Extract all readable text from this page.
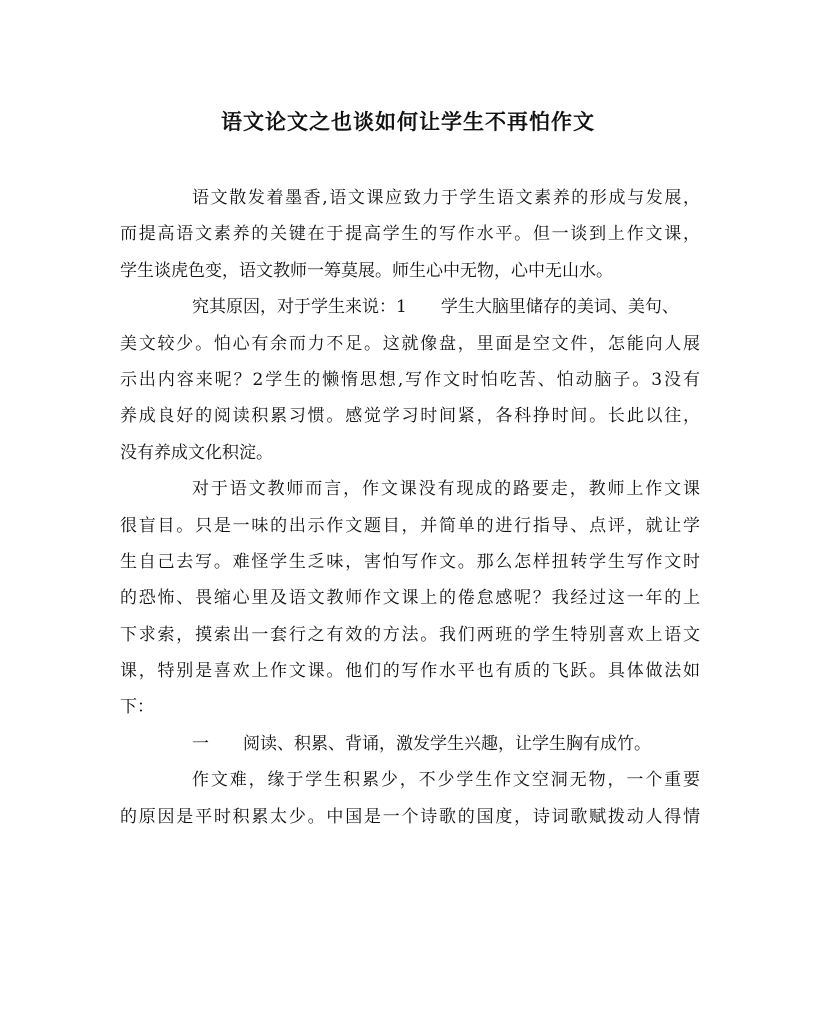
语文论文之也谈如何让学生不再怕作文
语文散发着墨香,语文课应致力于学生语文素养的形成与发展，
而提高语文素养的关键在于提高学生的写作水平。但一谈到上作文课，
学生谈虎色变，语文教师一筹莫展。师生心中无物，心中无山水。
究其原因，对于学生来说：1 学生大脑里储存的美词、美句、
美文较少。怕心有余而力不足。这就像盘，里面是空文件，怎能向人展
示出内容来呢？2学生的懒惰思想,写作文时怕吃苦、怕动脑子。3没有
养成良好的阅读积累习惯。感觉学习时间紧，各科挣时间。长此以往，
没有养成文化积淀。
对于语文教师而言，作文课没有现成的路要走，教师上作文课
很盲目。只是一味的出示作文题目，并简单的进行指导、点评，就让学
生自己去写。难怪学生乏味，害怕写作文。那么怎样扭转学生写作文时
的恐怖、畏缩心里及语文教师作文课上的倦怠感呢？我经过这一年的上
下求索，摸索出一套行之有效的方法。我们两班的学生特别喜欢上语文
课，特别是喜欢上作文课。他们的写作水平也有质的飞跃。具体做法如
下：
一 阅读、积累、背诵，激发学生兴趣，让学生胸有成竹。
作文难，缘于学生积累少，不少学生作文空洞无物，一个重要
的原因是平时积累太少。中国是一个诗歌的国度，诗词歌赋拨动人得情
